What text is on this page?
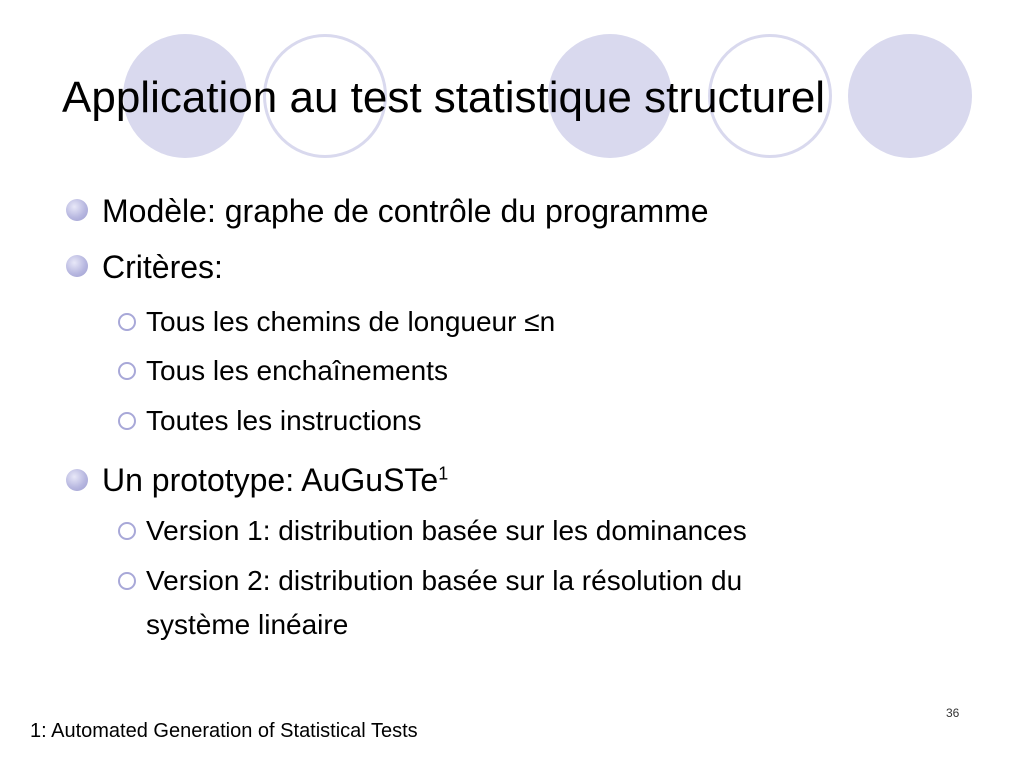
Application au test statistique structurel
Modèle: graphe de contrôle du programme
Critères:
Tous les chemins de longueur ≤n
Tous les enchaînements
Toutes les instructions
Un prototype: AuGuSTe$^1$
Version 1: distribution basée sur les dominances
Version 2: distribution basée sur la résolution du
système linéaire
1: Automated Generation of Statistical Tests
36
